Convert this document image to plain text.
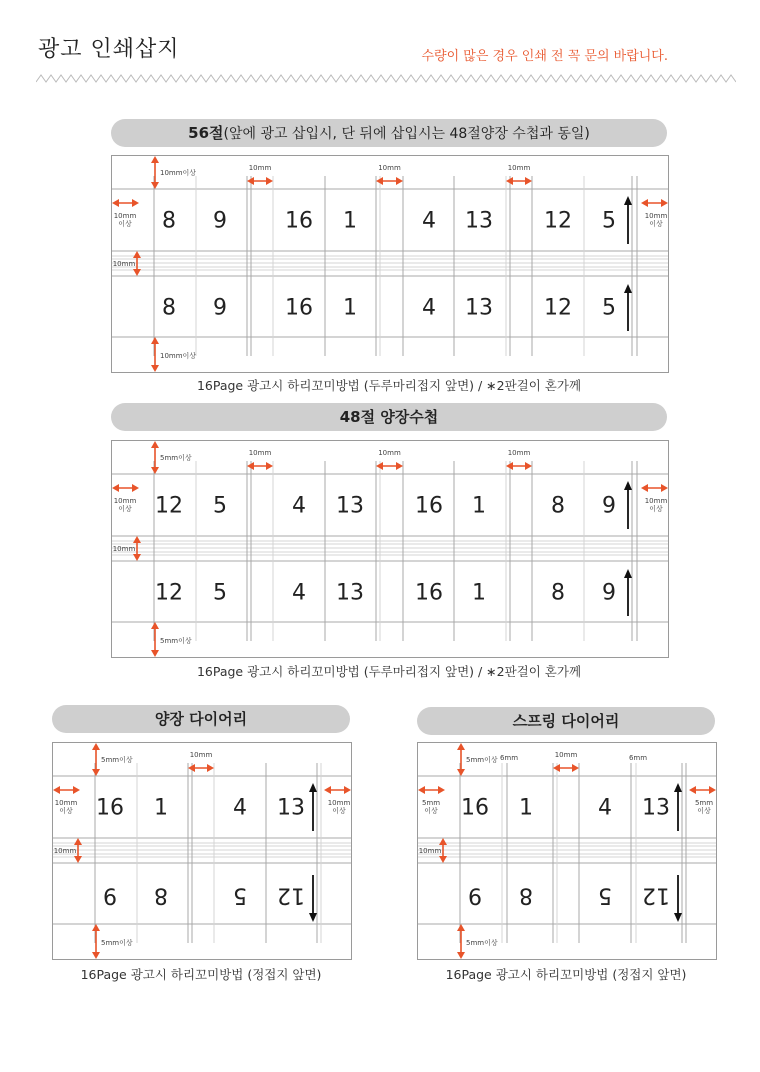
광고 인쇄삽지	수량이 많은 경우 인쇄 전 꼭 문의 바랍니다.
56절(앞에 광고 삽입시, 단 뒤에 삽입시는 48절양장 수첩과 동일)
8 9	16 1	4 13 12 5
8 9	16 1	4 13 12 5
10mm이상
10mm이상
10mm
이상
10mm
이상
10mm
10mm	10mm	10mm
16Page 광고시 하리꼬미방법 (두루마리접지 앞면) / ∗2판걸이 혼가께
48절 양장수첩
12 5	4 13 16 1	8 9
12 5	4 13 16 1	8 9
5mm이상
5mm이상
10mm
이상
10mm
이상
10mm
10mm	10mm	10mm
16Page 광고시 하리꼬미방법 (두루마리접지 앞면) / ∗2판걸이 혼가께
양장 다이어리
16 1	4 13
9 8	5 12
5mm이상
5mm이상
10mm
이상
10mm
이상
10mm
10mm
16Page 광고시 하리꼬미방법 (정접지 앞면)
스프링 다이어리
16 1	4 13
9 8	5 12
5mm이상
5mm이상
5mm
이상
5mm
이상
10mm
10mm
6mm	6mm
16Page 광고시 하리꼬미방법 (정접지 앞면)
